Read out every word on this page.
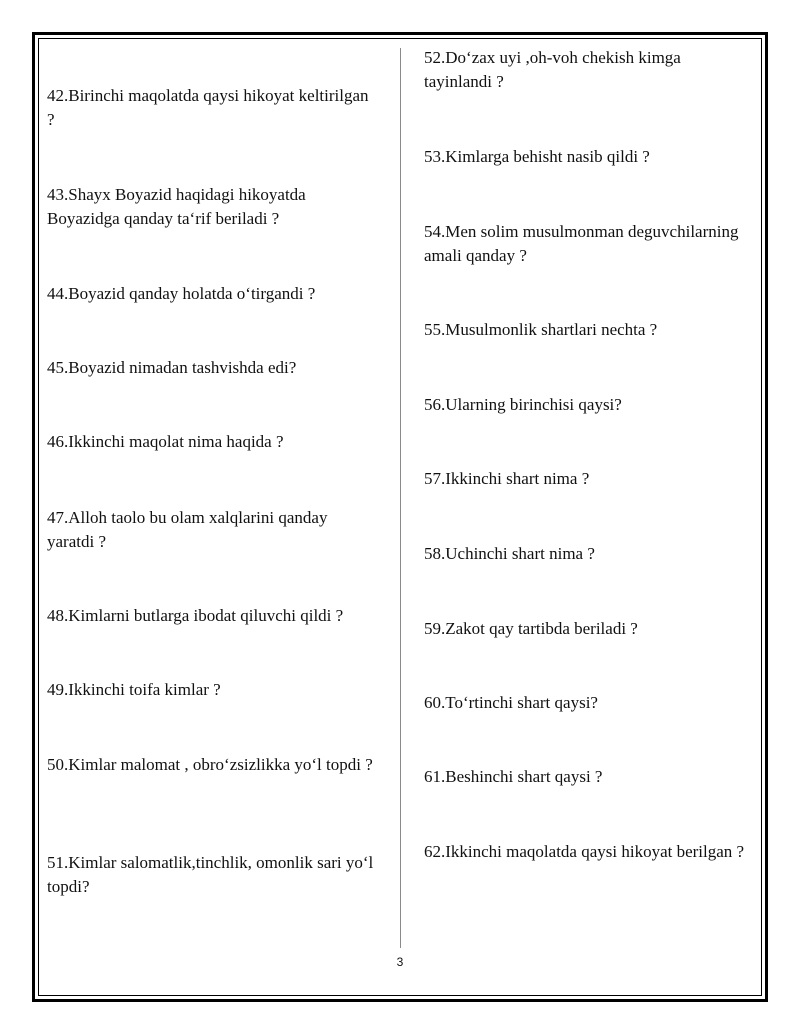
42.Birinchi maqolatda qaysi hikoyat keltirilgan ?

43.Shayx Boyazid haqidagi hikoyatda Boyazidga qanday ta‘rif beriladi ?

44.Boyazid qanday holatda o‘tirgandi ?

45.Boyazid nimadan tashvishda edi?

46.Ikkinchi maqolat nima haqida ?

47.Alloh taolo bu olam xalqlarini qanday yaratdi ?

48.Kimlarni butlarga ibodat qiluvchi qildi ?

49.Ikkinchi toifa kimlar ?

50.Kimlar malomat , obro‘zsizlikka yo‘l topdi ?

51.Kimlar salomatlik,tinchlik, omonlik sari yo‘l topdi?

52.Do‘zax uyi ,oh-voh chekish kimga tayinlandi ?

53.Kimlarga behisht nasib qildi ?

54.Men solim musulmonman deguvchilarning amali qanday ?

55.Musulmonlik shartlari nechta ?

56.Ularning birinchisi qaysi?

57.Ikkinchi shart nima ?

58.Uchinchi shart nima ?

59.Zakot qay tartibda beriladi ?

60.To‘rtinchi shart qaysi?

61.Beshinchi shart qaysi ?

62.Ikkinchi maqolatda qaysi hikoyat berilgan ?

3
